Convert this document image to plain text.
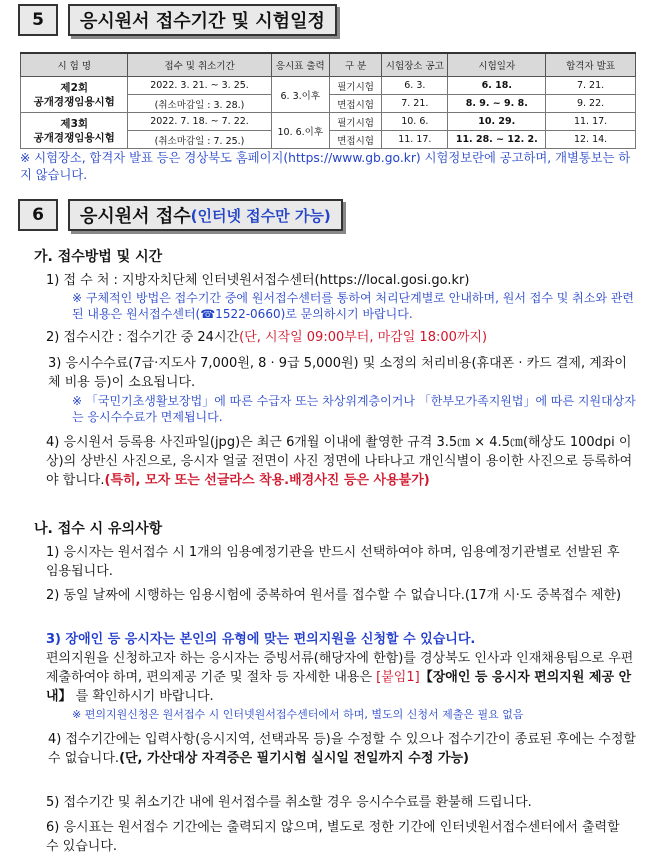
5	응시원서 접수기간 및 시험일정
시 험 명	접수 및 취소기간	응시표 출력	구 분	시험장소 공고	시험일자	합격자 발표
제2회
공개경쟁임용시험	2022. 3. 21. ~ 3. 25.	6. 3.이후	필기시험	6. 3.	6. 18.	7. 21.
	(취소마감일 : 3. 28.)		면접시험	7. 21.	8. 9. ~ 9. 8.	9. 22.
제3회
공개경쟁임용시험	2022. 7. 18. ~ 7. 22.	10. 6.이후	필기시험	10. 6.	10. 29.	11. 17.
	(취소마감일 : 7. 25.)		면접시험	11. 17.	11. 28. ~ 12. 2.	12. 14.
※ 시험장소, 합격자 발표 등은 경상북도 홈페이지(https://www.gb.go.kr) 시험정보란에 공고하며, 개별통보는 하지 않습니다.
6	응시원서 접수 (인터넷 접수만 가능)
가. 접수방법 및 시간
1) 접 수 처 : 지방자치단체 인터넷원서접수센터(https://local.gosi.go.kr)
※ 구체적인 방법은 접수기간 중에 원서접수센터를 통하여 처리단계별로 안내하며, 원서 접수 및 취소와 관련된 내용은 원서접수센터(☎1522-0660)로 문의하시기 바랍니다.
2) 접수시간 : 접수기간 중 24시간(단, 시작일 09:00부터, 마감일 18:00까지)
3) 응시수수료(7급·지도사 7,000원, 8 · 9급 5,000원) 및 소정의 처리비용(휴대폰 · 카드 결제, 계좌이체 비용 등)이 소요됩니다.
※ 「국민기초생활보장법」에 따른 수급자 또는 차상위계층이거나 「한부모가족지원법」에 따른 지원대상자는 응시수수료가 면제됩니다.
4) 응시원서 등록용 사진파일(jpg)은 최근 6개월 이내에 촬영한 규격 3.5㎝ × 4.5㎝(해상도 100dpi 이상)의 상반신 사진으로, 응시자 얼굴 전면이 사진 정면에 나타나고 개인식별이 용이한 사진으로 등록하여야 합니다.(특히, 모자 또는 선글라스 착용.배경사진 등은 사용불가)
나. 접수 시 유의사항
1) 응시자는 원서접수 시 1개의 임용예정기관을 반드시 선택하여야 하며, 임용예정기관별로 선발된 후 임용됩니다.
2) 동일 날짜에 시행하는 임용시험에 중복하여 원서를 접수할 수 없습니다.(17개 시·도 중복접수 제한)
3) 장애인 등 응시자는 본인의 유형에 맞는 편의지원을 신청할 수 있습니다.
편의지원을 신청하고자 하는 응시자는 증빙서류(해당자에 한함)를 경상북도 인사과 인재채용팀으로 우편 제출하여야 하며, 편의제공 기준 및 절차 등 자세한 내용은 [붙임1]【장애인 등 응시자 편의지원 제공 안내】 를 확인하시기 바랍니다.
※ 편의지원신청은 원서접수 시 인터넷원서접수센터에서 하며, 별도의 신청서 제출은 필요 없음
4) 접수기간에는 입력사항(응시지역, 선택과목 등)을 수정할 수 있으나 접수기간이 종료된 후에는 수정할 수 없습니다.(단, 가산대상 자격증은 필기시험 실시일 전일까지 수정 가능)
5) 접수기간 및 취소기간 내에 원서접수를 취소할 경우 응시수수료를 환불해 드립니다.
6) 응시표는 원서접수 기간에는 출력되지 않으며, 별도로 정한 기간에 인터넷원서접수센터에서 출력할 수 있습니다.
